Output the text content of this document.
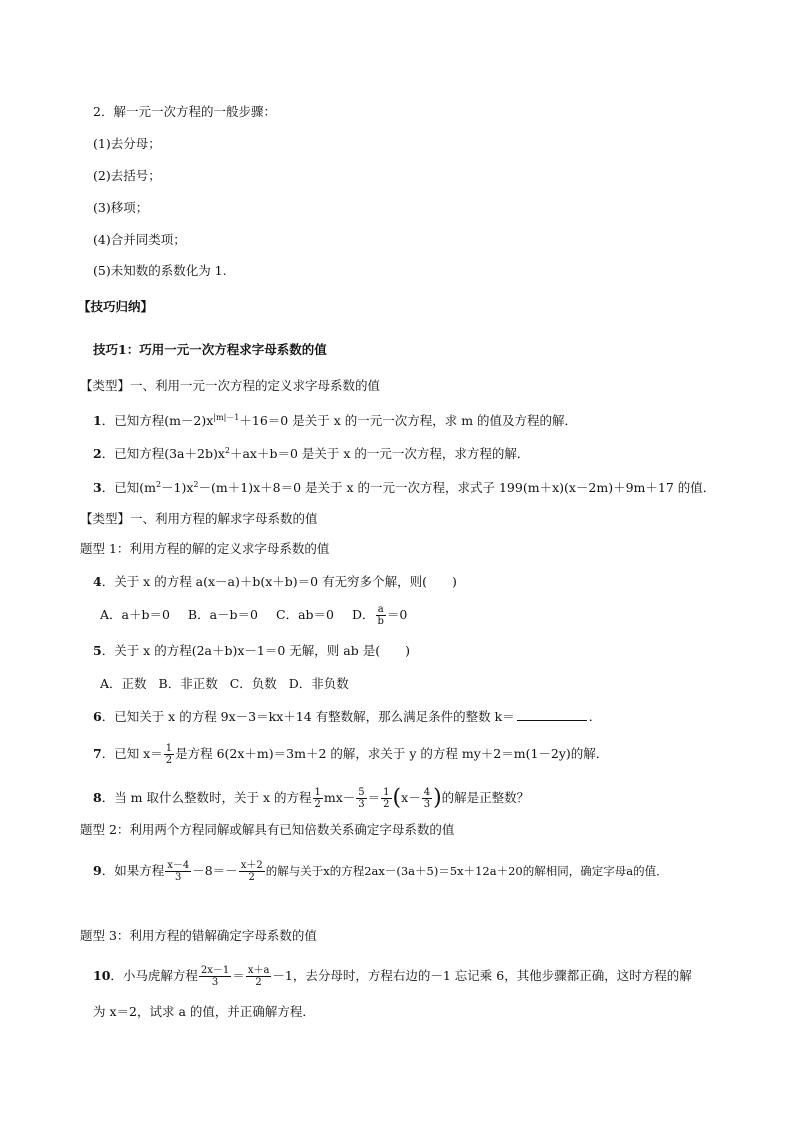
2．解一元一次方程的一般步骤：
(1)去分母；
(2)去括号；
(3)移项；
(4)合并同类项；
(5)未知数的系数化为 1.
【技巧归纳】
技巧1：巧用一元一次方程求字母系数的值
【类型】一、利用一元一次方程的定义求字母系数的值
1．已知方程$(m-2)x^{|m|-1}+16=0$ 是关于 x 的一元一次方程，求 m 的值及方程的解．
2．已知方程$(3a+2b)x^2+ax+b=0$ 是关于 x 的一元一次方程，求方程的解．
3．已知$(m^2-1)x^2-(m+1)x+8=0$ 是关于 x 的一元一次方程，求式子 199(m＋x)(x－2m)＋9m＋17 的值．
【类型】一、利用方程的解求字母系数的值
题型 1：利用方程的解的定义求字母系数的值
4．关于 x 的方程 a(x－a)＋b(x＋b)＝0 有无穷多个解，则(　　)
A．a＋b＝0 B．a－b＝0 C．ab＝0 D． $\frac{a}{b} =0$
5．关于 x 的方程(2a＋b)x－1＝0 无解，则 ab 是(　　)
A．正数 B．非正数 C．负数 D．非负数
6．已知关于 x 的方程 9x－3＝kx＋14 有整数解，那么满足条件的整数 k＝	．
7．已知 $x= \frac{1}{2}$ 是方程 6(2x＋m)＝3m＋2 的解，求关于 y 的方程 my＋2＝m(1－2y)的解．
8．当 m 取什么整数时，关于 x 的方程 $\frac{1}{2} mx- \frac{5}{3} = \frac{1}{2} (x- \frac{4}{3}$ )的解是正整数？
题型 2：利用两个方程同解或解具有已知倍数关系确定字母系数的值
9．如果方程 $\frac{x-4}{3} -8=- \frac{x+2}{2}$ 的解与关于x的方程2ax－(3a＋5)＝5x＋12a＋20的解相同，确定字母a的值．
题型 3：利用方程的错解确定字母系数的值
10．小马虎解方程 $\frac{2x-1}{3} = \frac{x+a}{2} -1$，去分母时，方程右边的－1 忘记乘 6，其他步骤都正确，这时方程的解
为 x＝2，试求 a 的值，并正确解方程．
